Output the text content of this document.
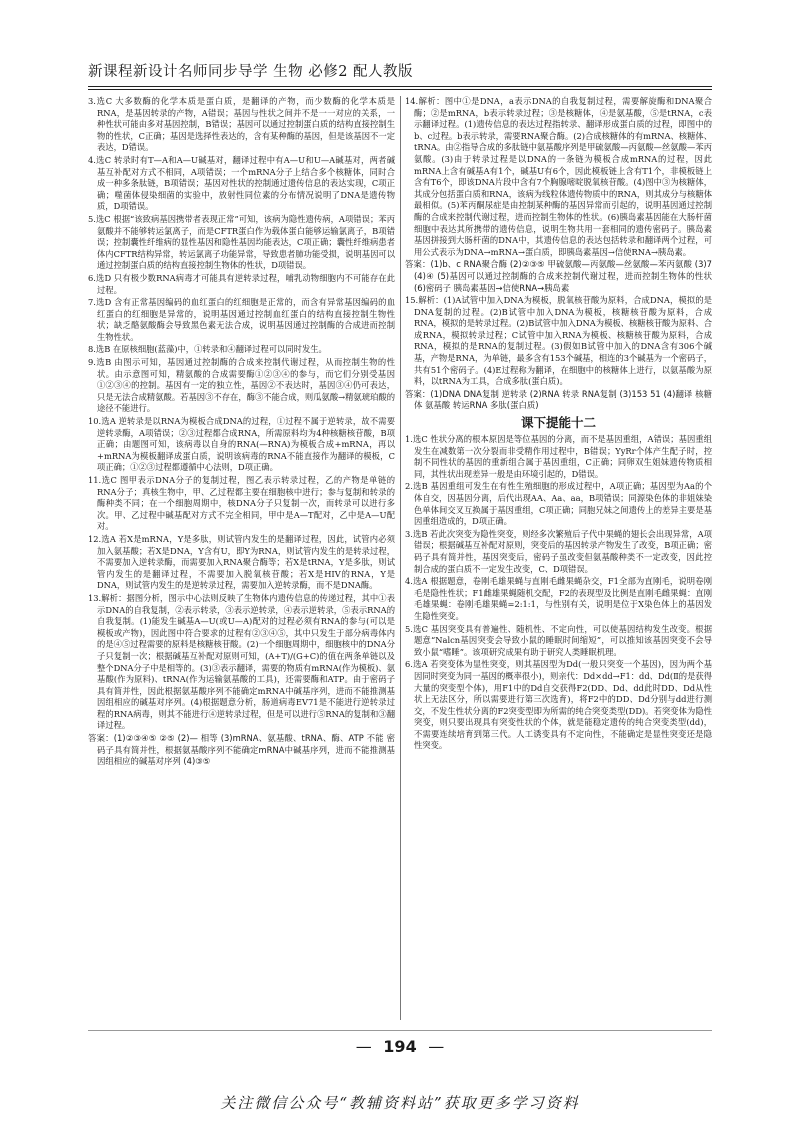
新课程新设计名师同步导学 生物 必修2 配人教版
3.选C 大多数酶的化学本质是蛋白质，是翻译的产物，而少数酶的化学本质是RNA，是基因转录的产物，A错误；基因与性状之间并不是一一对应的关系，一种性状可能由多对基因控制，B错误；基因可以通过控制蛋白质的结构直接控制生物的性状，C正确；基因是选择性表达的，含有某种酶的基因，但是该基因不一定表达，D错误。
4.选C 转录时有T—A和A—U碱基对，翻译过程中有A—U和U—A碱基对，两者碱基互补配对方式不相同，A项错误；一个mRNA分子上结合多个核糖体，同时合成一种多条肽链，B项错误；基因对性状的控制通过遗传信息的表达实现，C项正确；噬菌体侵染细菌的实验中，放射性同位素的分布情况说明了DNA是遗传物质，D项错误。
5.选C 根据“该致病基因携带者表现正常”可知，该病为隐性遗传病，A项错误；苯丙氨酸并不能够转运氯离子，而是CFTR蛋白作为载体蛋白能够运输氯离子，B项错误；控制囊性纤维病的显性基因和隐性基因均能表达，C项正确；囊性纤维病患者体内CFTR结构异常，转运氯离子功能异常，导致患者肺功能受损，说明基因可以通过控制蛋白质的结构直接控制生物体的性状，D项错误。
6.选D 只有极少数RNA病毒才可能具有逆转录过程，哺乳动物细胞内不可能存在此过程。
7.选D 含有正常基因编码的血红蛋白的红细胞是正常的，而含有异常基因编码的血红蛋白的红细胞是异常的，说明基因通过控制血红蛋白的结构直接控制生物性状；缺乏酪氨酸酶会导致黑色素无法合成，说明基因通过控制酶的合成进而控制生物性状。
8.选B 在原核细胞(蓝藻)中，①转录和④翻译过程可以同时发生。
9.选B 由图示可知，基因通过控制酶的合成来控制代谢过程，从而控制生物的性状。由示意图可知，精氨酸的合成需要酶①②③④的参与，而它们分别受基因①②③④的控制。基因有一定的独立性，基因②不表达时，基因③④仍可表达，只是无法合成精氨酸。若基因③不存在，酶③不能合成，则瓜氨酸→精氨琥珀酸的途径不能进行。
10.选A 逆转录是以RNA为模板合成DNA的过程，①过程不属于逆转录，故不需要逆转录酶，A项错误；②③过程都合成RNA，所需原料均为4种核糖核苷酸，B项正确；由题图可知，该病毒以自身的RNA(—RNA)为模板合成+mRNA，再以+mRNA为模板翻译成蛋白质，说明该病毒的RNA不能直接作为翻译的模板，C项正确；①②③过程都遵循中心法则，D项正确。
11.选C 图甲表示DNA分子的复制过程，图乙表示转录过程，乙的产物是单链的RNA分子；真核生物中，甲、乙过程都主要在细胞核中进行；参与复制和转录的酶种类不同；在一个细胞周期中，核DNA分子只复制一次，而转录可以进行多次。甲、乙过程中碱基配对方式不完全相同，甲中是A—T配对，乙中是A—U配对。
12.选A 若X是mRNA，Y是多肽，则试管内发生的是翻译过程，因此，试管内必须加入氨基酸；若X是DNA，Y含有U，即Y为RNA，则试管内发生的是转录过程，不需要加入逆转录酶，而需要加入RNA聚合酶等；若X是tRNA，Y是多肽，则试管内发生的是翻译过程，不需要加入脱氧核苷酸；若X是HIV的RNA，Y是DNA，则试管内发生的是逆转录过程，需要加入逆转录酶，而不是DNA酶。
13.解析：据图分析，图示中心法则反映了生物体内遗传信息的传递过程，其中①表示DNA的自我复制，②表示转录，③表示逆转录，④表示逆转录，⑤表示RNA的自我复制。(1)能发生碱基A—U(或U—A)配对的过程必须有RNA的参与(可以是模板或产物)，因此图中符合要求的过程有②③④⑤，其中只发生于部分病毒体内的是④⑤过程需要的原料是核糖核苷酸。(2)一个细胞周期中，细胞核中的DNA分子只复制一次；根据碱基互补配对原则可知，(A+T)/(G+C)的值在两条单链以及整个DNA分子中是相等的。(3)③表示翻译，需要的物质有mRNA(作为模板)、氨基酸(作为原料)、tRNA(作为运输氨基酸的工具)，还需要酶和ATP。由于密码子具有简并性，因此根据氨基酸序列不能确定mRNA中碱基序列，进而不能推测基因组相应的碱基对序列。(4)根据题意分析，肠道病毒EV71是不能进行逆转录过程的RNA病毒，则其不能进行④逆转录过程，但是可以进行⑤RNA的复制和③翻译过程。
答案：(1)②③④⑤ ②⑤ (2)— 相等 (3)mRNA、氨基酸、tRNA、酶、ATP 不能 密码子具有简并性，根据氨基酸序列不能确定mRNA中碱基序列，进而不能推测基因组相应的碱基对序列 (4)③⑤
14.解析：图中①是DNA，a表示DNA的自我复制过程，需要解旋酶和DNA聚合酶；②是mRNA，b表示转录过程；③是核糖体，④是氨基酸，⑤是tRNA，c表示翻译过程。(1)遗传信息的表达过程指转录、翻译形成蛋白质的过程，即图中的b、c过程。b表示转录，需要RNA聚合酶。(2)合成核糖体的有mRNA、核糖体、tRNA。由②指导合成的多肽链中氨基酸序列是甲硫氨酸—丙氨酸—丝氨酸—苯丙氨酸。(3)由于转录过程是以DNA的一条链为模板合成mRNA的过程，因此mRNA上含有碱基A有1个，碱基U有6个，因此模板链上含有T1个，非模板链上含有T6个，即该DNA片段中含有7个胸腺嘧啶脱氧核苷酸。(4)图中③为核糖体，其成分包括蛋白质和RNA，该病为线粒体遗传物质中的RNA，则其成分与核糖体最相似。(5)苯丙酮尿症是由控制某种酶的基因异常而引起的，说明基因通过控制酶的合成来控制代谢过程，进而控制生物体的性状。(6)胰岛素基因能在大肠杆菌细胞中表达其所携带的遗传信息，说明生物共用一套相同的遗传密码子。胰岛素基因拼接到大肠杆菌的DNA中，其遗传信息的表达包括转录和翻译两个过程，可用公式表示为DNA→mRNA→蛋白质，即胰岛素基因→信使RNA→胰岛素。
答案：(1)b、c RNA聚合酶 (2)②③⑤ 甲硫氨酸—丙氨酸—丝氨酸—苯丙氨酸 (3)7 (4)④ (5)基因可以通过控制酶的合成来控制代谢过程，进而控制生物体的性状 (6)密码子 胰岛素基因→信使RNA→胰岛素
15.解析：(1)A试管中加入DNA为模板，脱氧核苷酸为原料，合成DNA，模拟的是DNA复制的过程。(2)B试管中加入DNA为模板，核糖核苷酸为原料，合成RNA，模拟的是转录过程。(2)B试管中加入DNA为模板、核糖核苷酸为原料、合成RNA，模拟转录过程；C试管中加入RNA为模板、核糖核苷酸为原料，合成RNA，模拟的是RNA的复制过程。(3)假如B试管中加入的DNA含有306个碱基，产物是RNA，为单链，最多含有153个碱基，相连的3个碱基为一个密码子，共有51个密码子。(4)E过程称为翻译，在细胞中的核糖体上进行，以氨基酸为原料，以tRNA为工具，合成多肽(蛋白质)。
答案：(1)DNA DNA复制 逆转录 (2)RNA 转录 RNA复制 (3)153 51 (4)翻译 核糖体 氨基酸 转运RNA 多肽(蛋白质)
课下提能十二
1.选C 性状分离的根本原因是等位基因的分离，而不是基因重组，A错误；基因重组发生在减数第一次分裂而非受精作用过程中，B错误；YyRr个体产生配子时，控制不同性状的基因的重新组合属于基因重组，C正确；同卵双生姐妹遗传物质相同，其性状出现差异一般是由环境引起的，D错误。
2.选B 基因重组可发生在有性生殖细胞的形成过程中，A项正确；基因型为Aa的个体自交，因基因分离，后代出现AA、Aa、aa，B项错误；同源染色体的非姐妹染色单体间交叉互换属于基因重组，C项正确；同胞兄妹之间遗传上的差异主要是基因重组造成的，D项正确。
3.选B 若此次突变为隐性突变，则经多次繁殖后子代中果蝇的翅长会出现异常，A项错误；根据碱基互补配对原则，突变后的基因转录产物发生了改变，B项正确；密码子具有简并性，基因突变后，密码子虽改变但氨基酸种类不一定改变，因此控制合成的蛋白质不一定发生改变，C、D项错误。
4.选A 根据题意，卷刚毛雄果蝇与直刚毛雌果蝇杂交，F1全部为直刚毛，说明卷刚毛是隐性性状；F1雌雄果蝇随机交配，F2的表现型及比例是直刚毛雌果蝇：直刚毛雄果蝇：卷刚毛雄果蝇=2:1:1，与性别有关，说明是位于X染色体上的基因发生隐性突变。
5.选C 基因突变具有普遍性、随机性、不定向性，可以使基因结构发生改变。根据题意“Nalcn基因突变会导致小鼠的睡眠时间缩短”，可以推知该基因突变不会导致小鼠“嗜睡”。该项研究成果有助于研究人类睡眠机理。
6.选A 若突变体为显性突变，则其基因型为Dd(一般只突变一个基因)，因为两个基因同时突变为同一基因的概率很小)，则亲代：Dd×dd→F1：dd、Dd(Ⅱ的是获得大量的突变型个体)，用F1中的Dd自交获得F2(DD、Dd、dd此时DD、Dd从性状上无法区分，所以需要进行第三次选育)，将F2中的DD、Dd分别与dd进行测交，不发生性状分离的F2突变型即为所需的纯合突变类型(DD)。若突变体为隐性突变，则只要出现具有突变性状的个体，就是能稳定遗传的纯合突变类型(dd)，不需要连续培育到第三代。人工诱变具有不定向性，不能确定是显性突变还是隐性突变。
— 194 —
关注微信公众号“教辅资料站”获取更多学习资料
